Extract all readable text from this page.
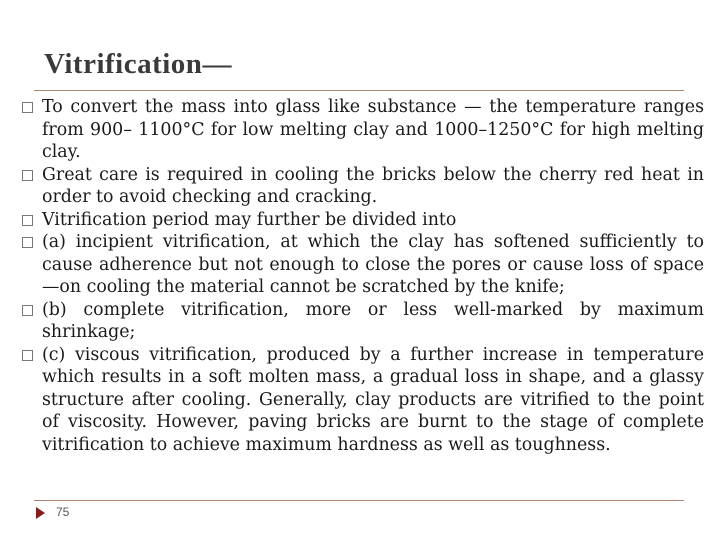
Vitrification—
To convert the mass into glass like substance — the temperature ranges from 900– 1100°C for low melting clay and 1000–1250°C for high melting clay.
Great care is required in cooling the bricks below the cherry red heat in order to avoid checking and cracking.
Vitrification period may further be divided into
(a) incipient vitrification, at which the clay has softened sufficiently to cause adherence but not enough to close the pores or cause loss of space—on cooling the material cannot be scratched by the knife;
(b) complete vitrification, more or less well-marked by maximum shrinkage;
(c) viscous vitrification, produced by a further increase in temperature which results in a soft molten mass, a gradual loss in shape, and a glassy structure after cooling. Generally, clay products are vitrified to the point of viscosity. However, paving bricks are burnt to the stage of complete vitrification to achieve maximum hardness as well as toughness.
75
